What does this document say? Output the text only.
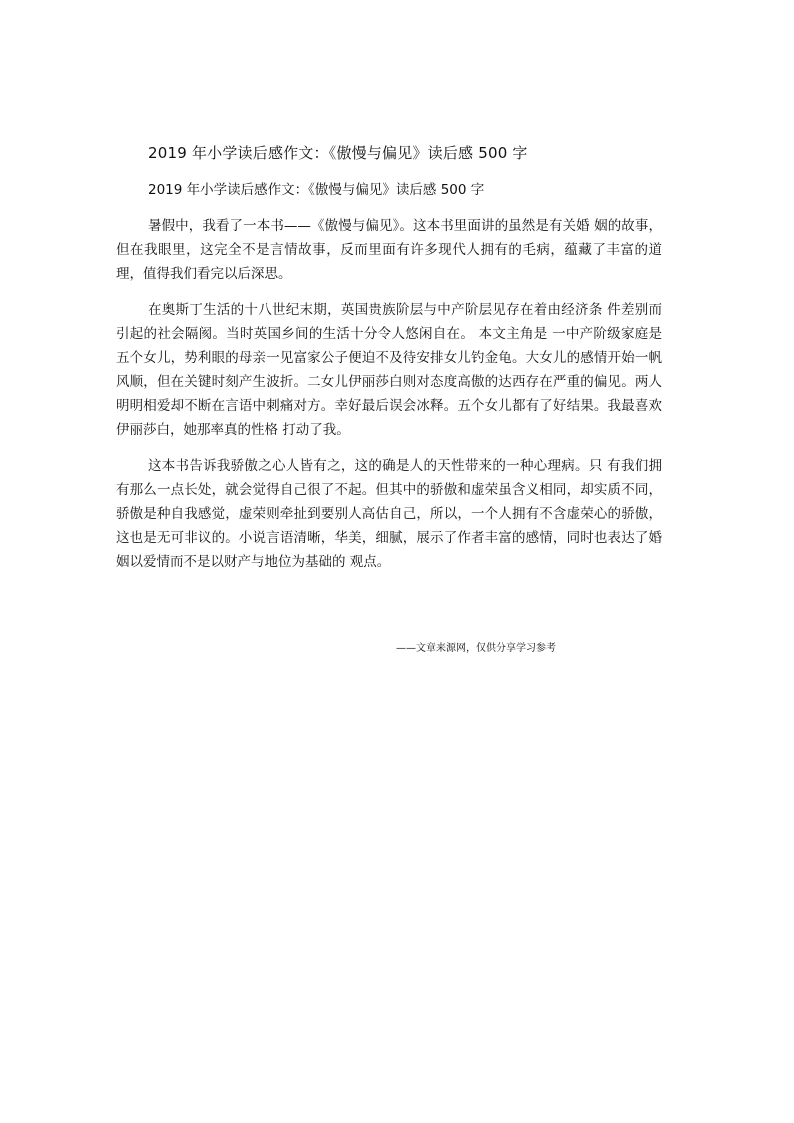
2019 年小学读后感作文：《傲慢与偏见》读后感 500 字
2019 年小学读后感作文：《傲慢与偏见》读后感 500 字

暑假中，我看了一本书——《傲慢与偏见》。这本书里面讲的虽然是有关婚 姻的故事，但在我眼里，这完全不是言情故事，反而里面有许多现代人拥有的毛病，蕴藏了丰富的道理，值得我们看完以后深思。

在奥斯丁生活的十八世纪末期，英国贵族阶层与中产阶层见存在着由经济条 件差别而引起的社会隔阂。当时英国乡间的生活十分令人悠闲自在。 本文主角是 一中产阶级家庭是五个女儿，势利眼的母亲一见富家公子便迫不及待安排女儿钓金龟。大女儿的感情开始一帆风顺，但在关键时刻产生波折。二女儿伊丽莎白则对态度高傲的达西存在严重的偏见。两人明明相爱却不断在言语中刺痛对方。幸好最后误会冰释。五个女儿都有了好结果。我最喜欢伊丽莎白，她那率真的性格 打动了我。

这本书告诉我骄傲之心人皆有之，这的确是人的天性带来的一种心理病。只 有我们拥有那么一点长处，就会觉得自己很了不起。但其中的骄傲和虚荣虽含义相同，却实质不同，骄傲是种自我感觉，虚荣则牵扯到要别人高估自己，所以，一个人拥有不含虚荣心的骄傲，这也是无可非议的。小说言语清晰，华美，细腻，展示了作者丰富的感情，同时也表达了婚姻以爱情而不是以财产与地位为基础的 观点。

——文章来源网，仅供分享学习参考
